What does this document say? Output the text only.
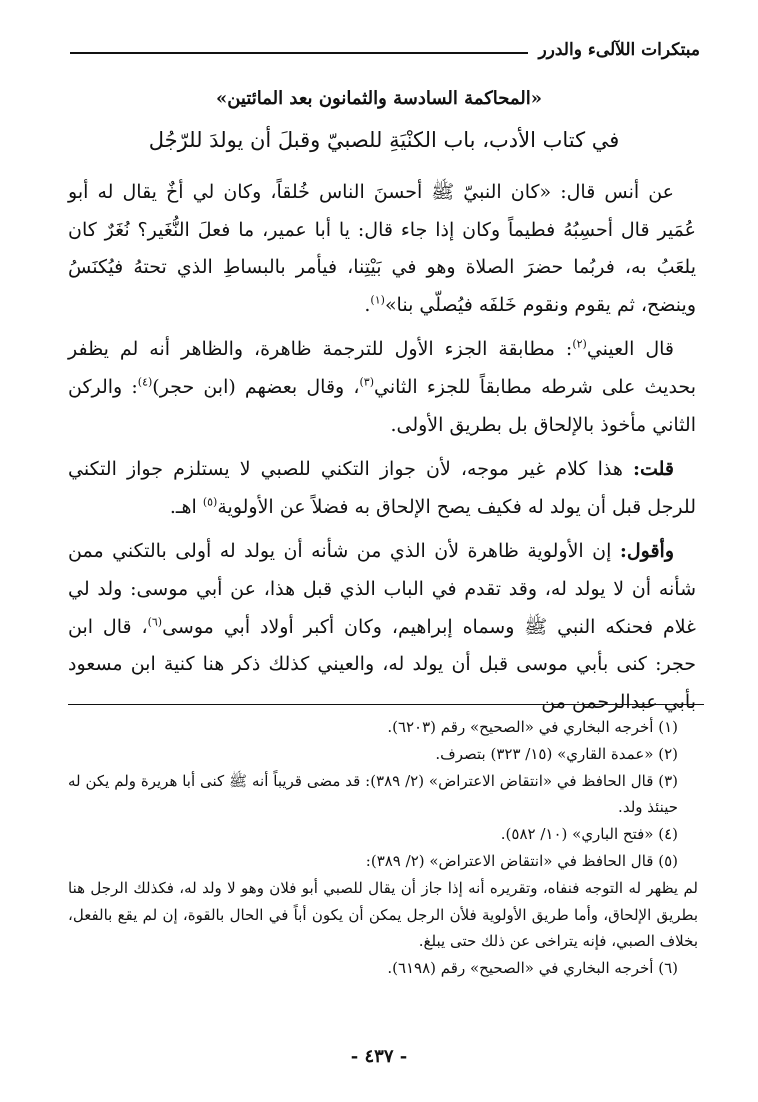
مبتكرات اللآلىء والدرر
«المحاكمة السادسة والثمانون بعد المائتين»
في كتاب الأدب، باب الكنْيَةِ للصبيّ وقبلَ أن يولدَ للرّجُل

عن أنس قال: «كان النبيّ ﷺ أحسنَ الناس خُلقاً، وكان لي أخٌ يقال له أبو عُمَير قال أحسِبُهُ فطيماً وكان إذا جاء قال: يا أبا عمير، ما فعلَ النُّغَير؟ نُغَرٌ كان يلعَبُ به، فربُما حضرَ الصلاة وهو في بَيْتِنا، فيأمر بالبساطِ الذي تحتهُ فيُكنَسُ وينضح، ثم يقوم ونقوم خَلفَه فيُصلّي بنا»$^{(١)}$.

قال العيني$^{(٢)}$: مطابقة الجزء الأول للترجمة ظاهرة، والظاهر أنه لم يظفر بحديث على شرطه مطابقاً للجزء الثاني$^{(٣)}$، وقال بعضهم (ابن حجر)$^{(٤)}$: والركن الثاني مأخوذ بالإلحاق بل بطريق الأولى.

قلت: هذا كلام غير موجه، لأن جواز التكني للصبي لا يستلزم جواز التكني للرجل قبل أن يولد له فكيف يصح الإلحاق به فضلاً عن الأولوية$^{(٥)}$ اهـ.

وأقول: إن الأولوية ظاهرة لأن الذي من شأنه أن يولد له أولى بالتكني ممن شأنه أن لا يولد له، وقد تقدم في الباب الذي قبل هذا، عن أبي موسى: ولد لي غلام فحنكه النبي ﷺ وسماه إبراهيم، وكان أكبر أولاد أبي موسى$^{(٦)}$، قال ابن حجر: كنى بأبي موسى قبل أن يولد له، والعيني كذلك ذكر هنا كنية ابن مسعود بأبي عبدالرحمن من

(١) أخرجه البخاري في «الصحيح» رقم (٦٢٠٣).

(٢) «عمدة القاري» (١٥/ ٣٢٣) بتصرف.

(٣) قال الحافظ في «انتقاض الاعتراض» (٢/ ٣٨٩): قد مضى قريباً أنه ﷺ كنى أبا هريرة ولم يكن له حينئذ ولد.

(٤) «فتح الباري» (١٠/ ٥٨٢).

(٥) قال الحافظ في «انتقاض الاعتراض» (٢/ ٣٨٩):

لم يظهر له التوجه فنفاه، وتقريره أنه إذا جاز أن يقال للصبي أبو فلان وهو لا ولد له، فكذلك الرجل هنا بطريق الإلحاق، وأما طريق الأولوية فلأن الرجل يمكن أن يكون أباً في الحال بالقوة، إن لم يقع بالفعل، بخلاف الصبي، فإنه يتراخى عن ذلك حتى يبلغ.

(٦) أخرجه البخاري في «الصحيح» رقم (٦١٩٨).

- ٤٣٧ -
